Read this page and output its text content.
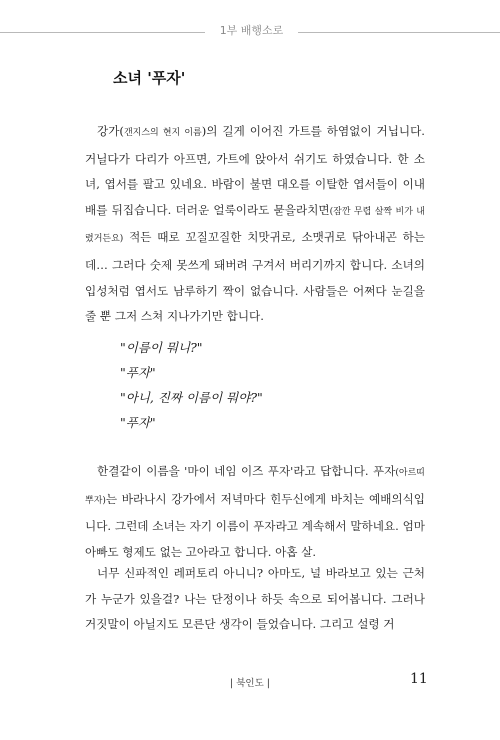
1부 배행소로
소녀 '푸자'

강가(갠지스의 현지 이름)의 길게 이어진 가트를 하염없이 거닙니다. 거닐다가 다리가 아프면, 가트에 앉아서 쉬기도 하였습니다. 한 소녀, 엽서를 팔고 있네요. 바람이 불면 대오를 이탈한 엽서들이 이내 배를 뒤집습니다. 더러운 얼룩이라도 묻을라치면(잠깐 무렵 살짝 비가 내렸거든요) 적든 때로 꼬질꼬질한 치맛귀로, 소맷귀로 닦아내곤 하는데… 그러다 숫제 못쓰게 돼버려 구겨서 버리기까지 합니다. 소녀의 입성처럼 엽서도 남루하기 짝이 없습니다. 사람들은 어쩌다 눈길을 줄 뿐 그저 스쳐 지나가기만 합니다.

"이름이 뭐니?"
"푸자"
"아니, 진짜 이름이 뭐야?"
"푸자"

한결같이 이름을 '마이 네임 이즈 푸자'라고 답합니다. 푸자(아르띠 뿌자)는 바라나시 강가에서 저녁마다 힌두신에게 바치는 예배의식입니다. 그런데 소녀는 자기 이름이 푸자라고 계속해서 말하네요. 엄마 아빠도 형제도 없는 고아라고 합니다. 아홉 살.

너무 신파적인 레퍼토리 아니니? 아마도, 널 바라보고 있는 근처가 누군가 있을걸? 나는 단정이나 하듯 속으로 되어봅니다. 그러나 거짓말이 아닐지도 모른단 생각이 들었습니다. 그리고 설령 거

| 북인도 |	11
